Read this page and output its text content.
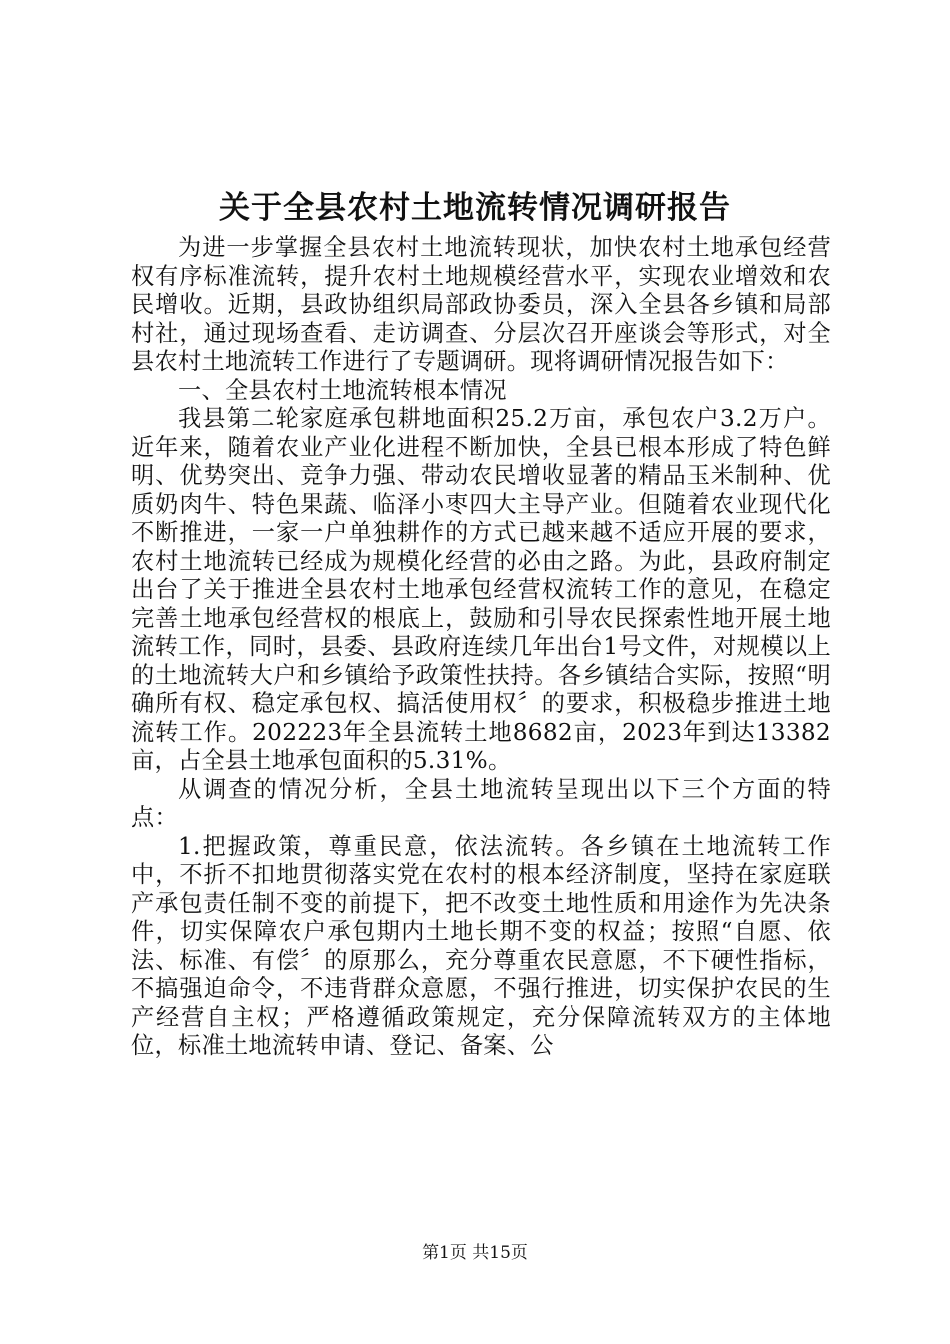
关于全县农村土地流转情况调研报告

为进一步掌握全县农村土地流转现状，加快农村土地承包经营权有序标准流转，提升农村土地规模经营水平，实现农业增效和农民增收。近期，县政协组织局部政协委员，深入全县各乡镇和局部村社，通过现场查看、走访调查、分层次召开座谈会等形式，对全县农村土地流转工作进行了专题调研。现将调研情况报告如下：

一、全县农村土地流转根本情况

我县第二轮家庭承包耕地面积25.2万亩，承包农户3.2万户。近年来，随着农业产业化进程不断加快，全县已根本形成了特色鲜明、优势突出、竞争力强、带动农民增收显著的精品玉米制种、优质奶肉牛、特色果蔬、临泽小枣四大主导产业。但随着农业现代化不断推进，一家一户单独耕作的方式已越来越不适应开展的要求，农村土地流转已经成为规模化经营的必由之路。为此，县政府制定出台了关于推进全县农村土地承包经营权流转工作的意见，在稳定完善土地承包经营权的根底上，鼓励和引导农民探索性地开展土地流转工作，同时，县委、县政府连续几年出台1号文件，对规模以上的土地流转大户和乡镇给予政策性扶持。各乡镇结合实际，按照“明确所有权、稳定承包权、搞活使用权〞的要求，积极稳步推进土地流转工作。202223年全县流转土地8682亩，2023年到达13382亩，占全县土地承包面积的5.31%。

从调查的情况分析，全县土地流转呈现出以下三个方面的特点：

1.把握政策，尊重民意，依法流转。各乡镇在土地流转工作中，不折不扣地贯彻落实党在农村的根本经济制度，坚持在家庭联产承包责任制不变的前提下，把不改变土地性质和用途作为先决条件，切实保障农户承包期内土地长期不变的权益；按照“自愿、依法、标准、有偿〞的原那么，充分尊重农民意愿，不下硬性指标，不搞强迫命令，不违背群众意愿，不强行推进，切实保护农民的生产经营自主权；严格遵循政策规定，充分保障流转双方的主体地位，标准土地流转申请、登记、备案、公

第1页 共15页
